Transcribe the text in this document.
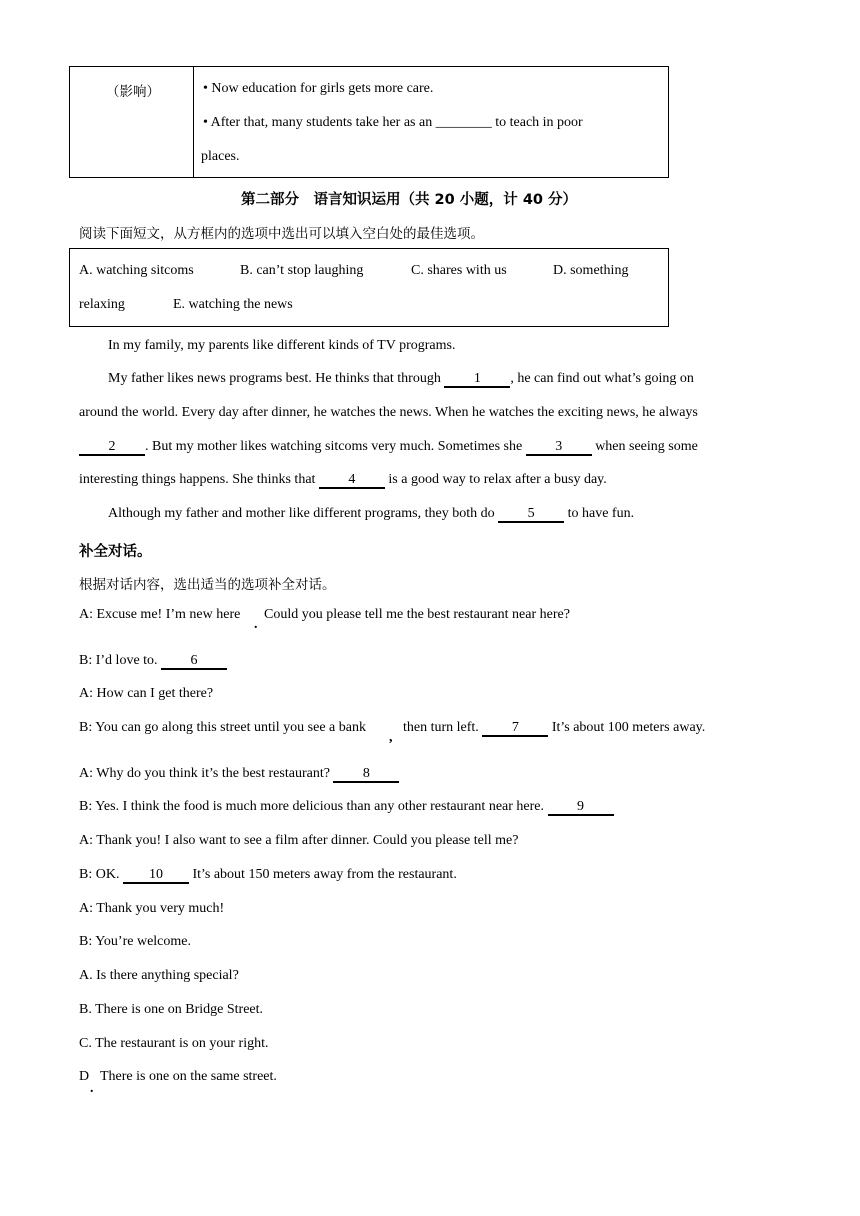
（影响）	• Now education for girls gets more care.
• After that, many students take her as an ________ to teach in poor
places.
第二部分　语言知识运用（共 20 小题，计 40 分）
阅读下面短文，从方框内的选项中选出可以填入空白处的最佳选项。
A. watching sitcoms	B. can’t stop laughing	C. shares with us	D. something
relaxing	E. watching the news
In my family, my parents like different kinds of TV programs.
My father likes news programs best. He thinks that through 1 , he can find out what’s going on
around the world. Every day after dinner, he watches the news. When he watches the exciting news, he always
2 . But my mother likes watching sitcoms very much. Sometimes she 3 when seeing some
interesting things happens. She thinks that 4 is a good way to relax after a busy day.
Although my father and mother like different programs, they both do 5 to have fun.
补全对话。
根据对话内容，选出适当的选项补全对话。
A: Excuse me! I’m new here
.
Could you please tell me the best restaurant near here?
B: I’d love to. 6
A: How can I get there?
B: You can go along this street until you see a bank
,
then turn left. 7 It’s about 100 meters away.
A: Why do you think it’s the best restaurant? 8
B: Yes. I think the food is much more delicious than any other restaurant near here. 9
A: Thank you! I also want to see a film after dinner. Could you please tell me?
B: OK. 10 It’s about 150 meters away from the restaurant.
A: Thank you very much!
B: You’re welcome.
A. Is there anything special?
B. There is one on Bridge Street.
C. The restaurant is on your right.
D There is one on the same street.
.
